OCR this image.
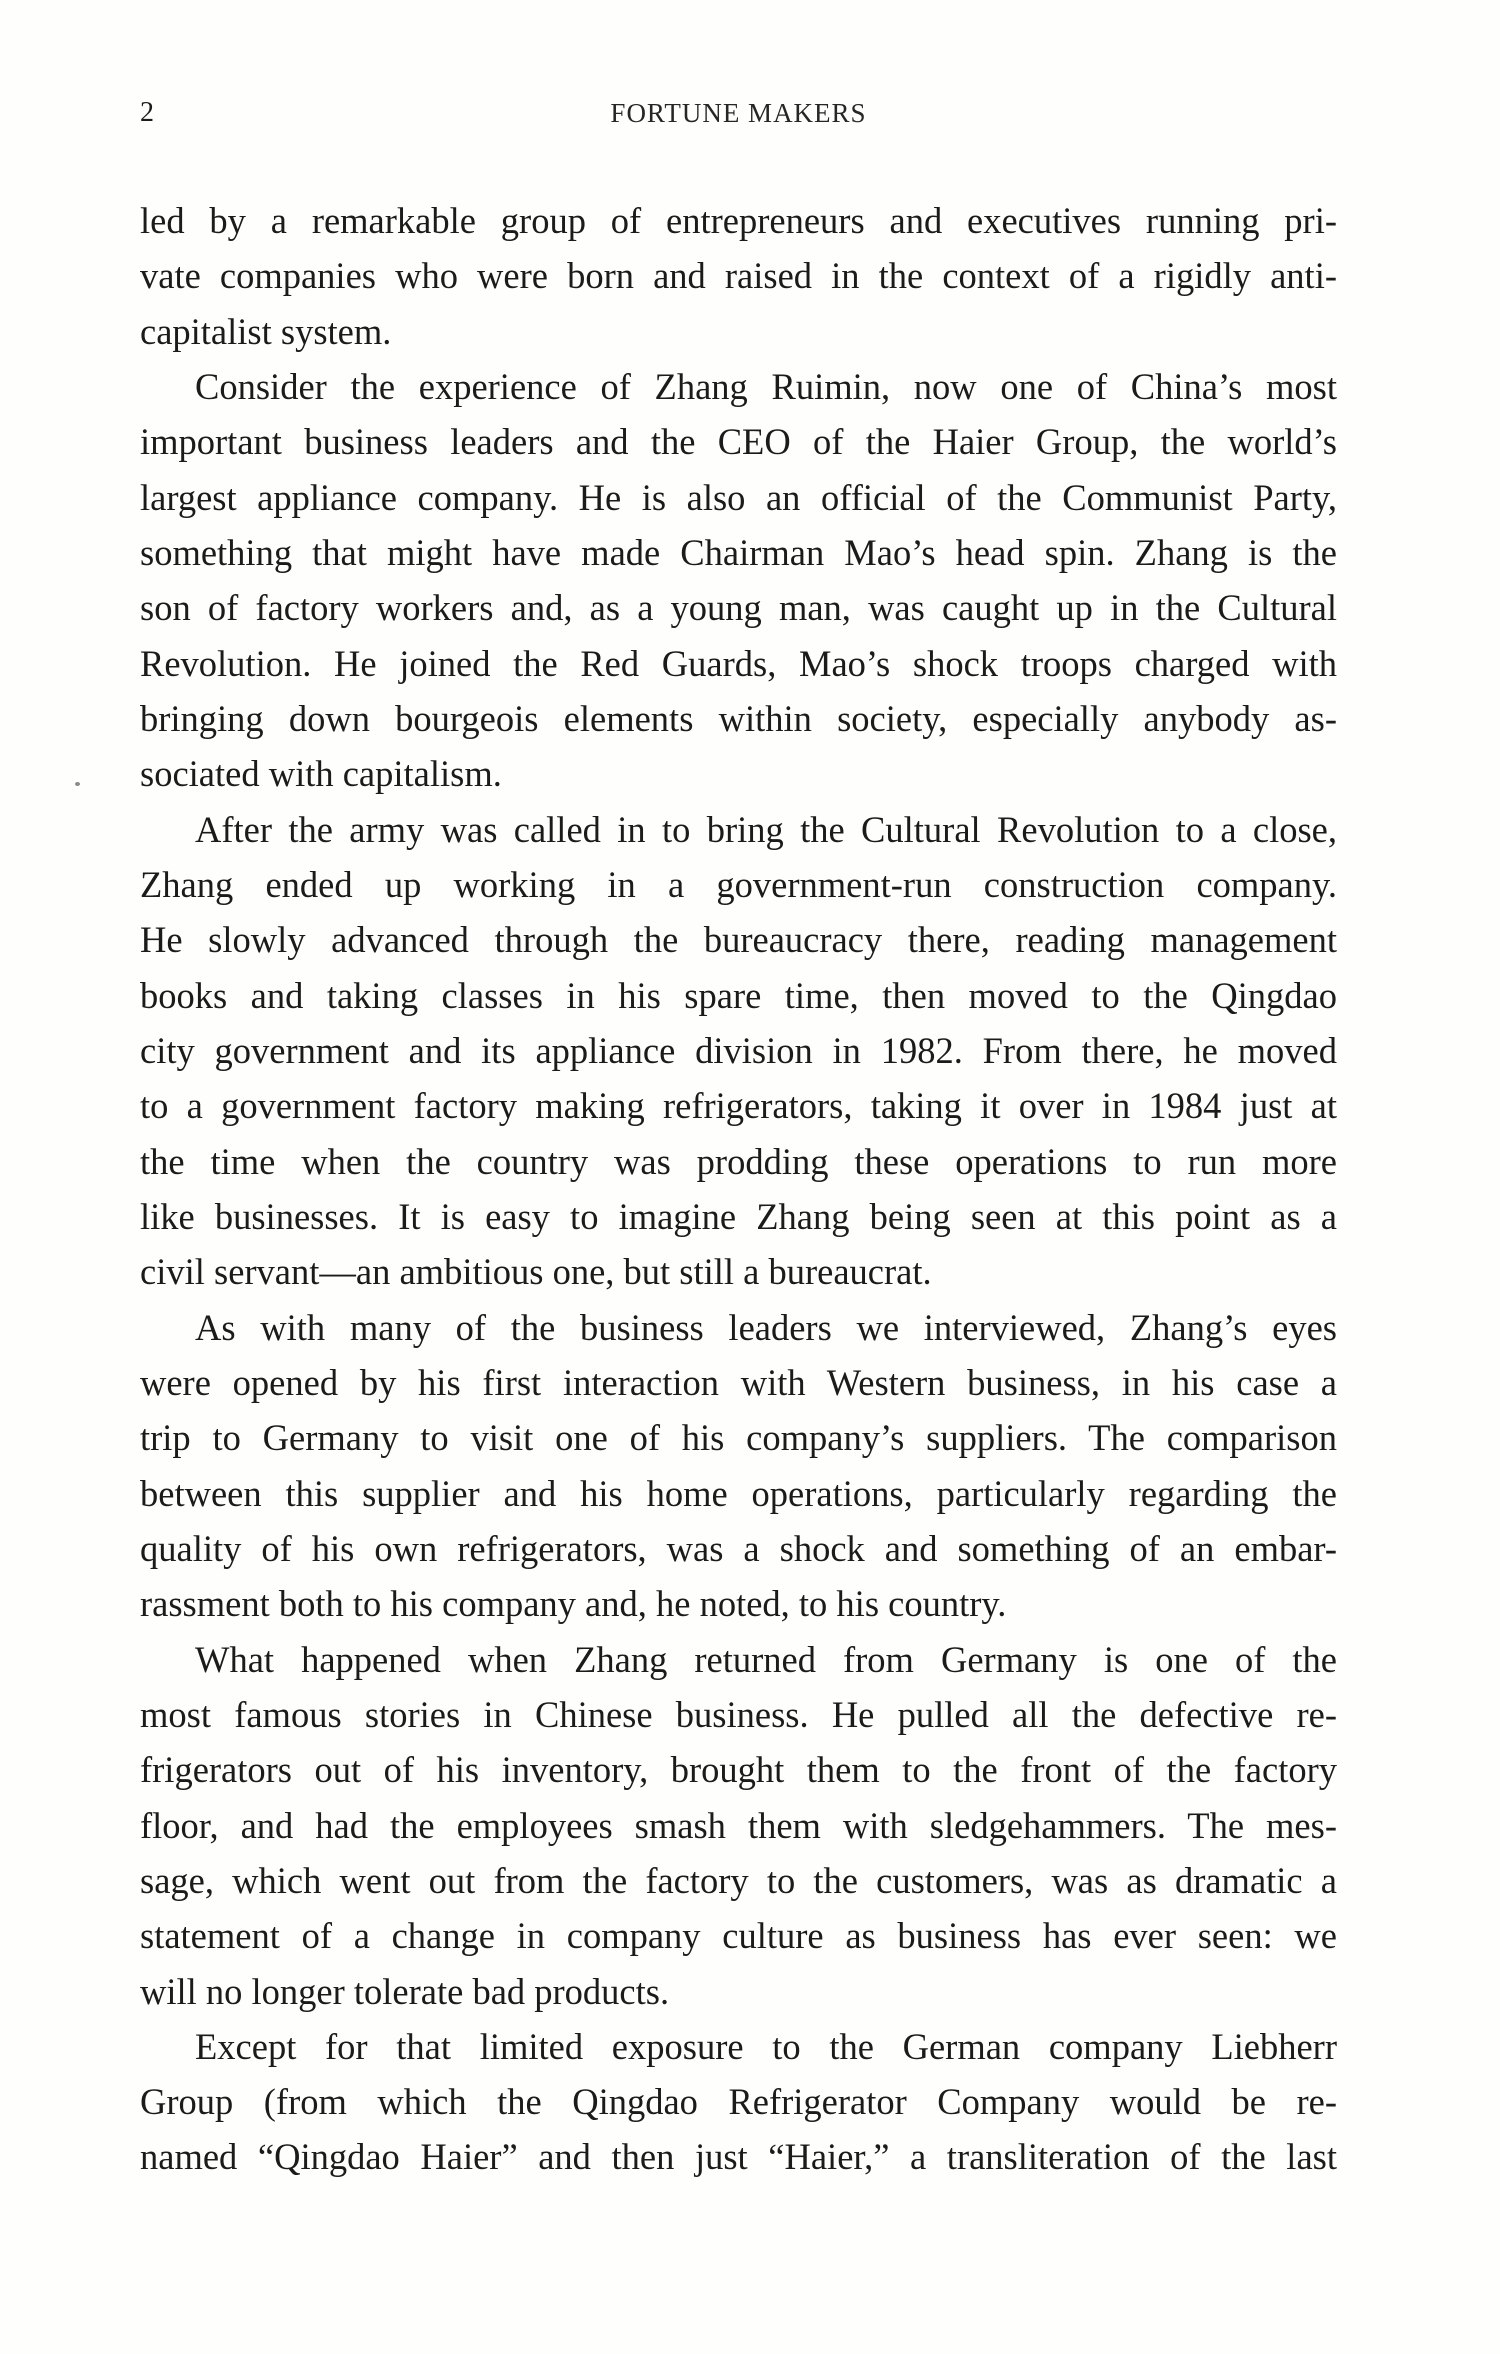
2	FORTUNE MAKERS
led by a remarkable group of entrepreneurs and executives running pri-
vate companies who were born and raised in the context of a rigidly anti-
capitalist system.
Consider the experience of Zhang Ruimin, now one of China’s most
important business leaders and the CEO of the Haier Group, the world’s
largest appliance company. He is also an official of the Communist Party,
something that might have made Chairman Mao’s head spin. Zhang is the
son of factory workers and, as a young man, was caught up in the Cultural
Revolution. He joined the Red Guards, Mao’s shock troops charged with
bringing down bourgeois elements within society, especially anybody as-
sociated with capitalism.
After the army was called in to bring the Cultural Revolution to a close,
Zhang ended up working in a government-run construction company.
He slowly advanced through the bureaucracy there, reading management
books and taking classes in his spare time, then moved to the Qingdao
city government and its appliance division in 1982. From there, he moved
to a government factory making refrigerators, taking it over in 1984 just at
the time when the country was prodding these operations to run more
like businesses. It is easy to imagine Zhang being seen at this point as a
civil servant—an ambitious one, but still a bureaucrat.
As with many of the business leaders we interviewed, Zhang’s eyes
were opened by his first interaction with Western business, in his case a
trip to Germany to visit one of his company’s suppliers. The comparison
between this supplier and his home operations, particularly regarding the
quality of his own refrigerators, was a shock and something of an embar-
rassment both to his company and, he noted, to his country.
What happened when Zhang returned from Germany is one of the
most famous stories in Chinese business. He pulled all the defective re-
frigerators out of his inventory, brought them to the front of the factory
floor, and had the employees smash them with sledgehammers. The mes-
sage, which went out from the factory to the customers, was as dramatic a
statement of a change in company culture as business has ever seen: we
will no longer tolerate bad products.
Except for that limited exposure to the German company Liebherr
Group (from which the Qingdao Refrigerator Company would be re-
named “Qingdao Haier” and then just “Haier,” a transliteration of the last
